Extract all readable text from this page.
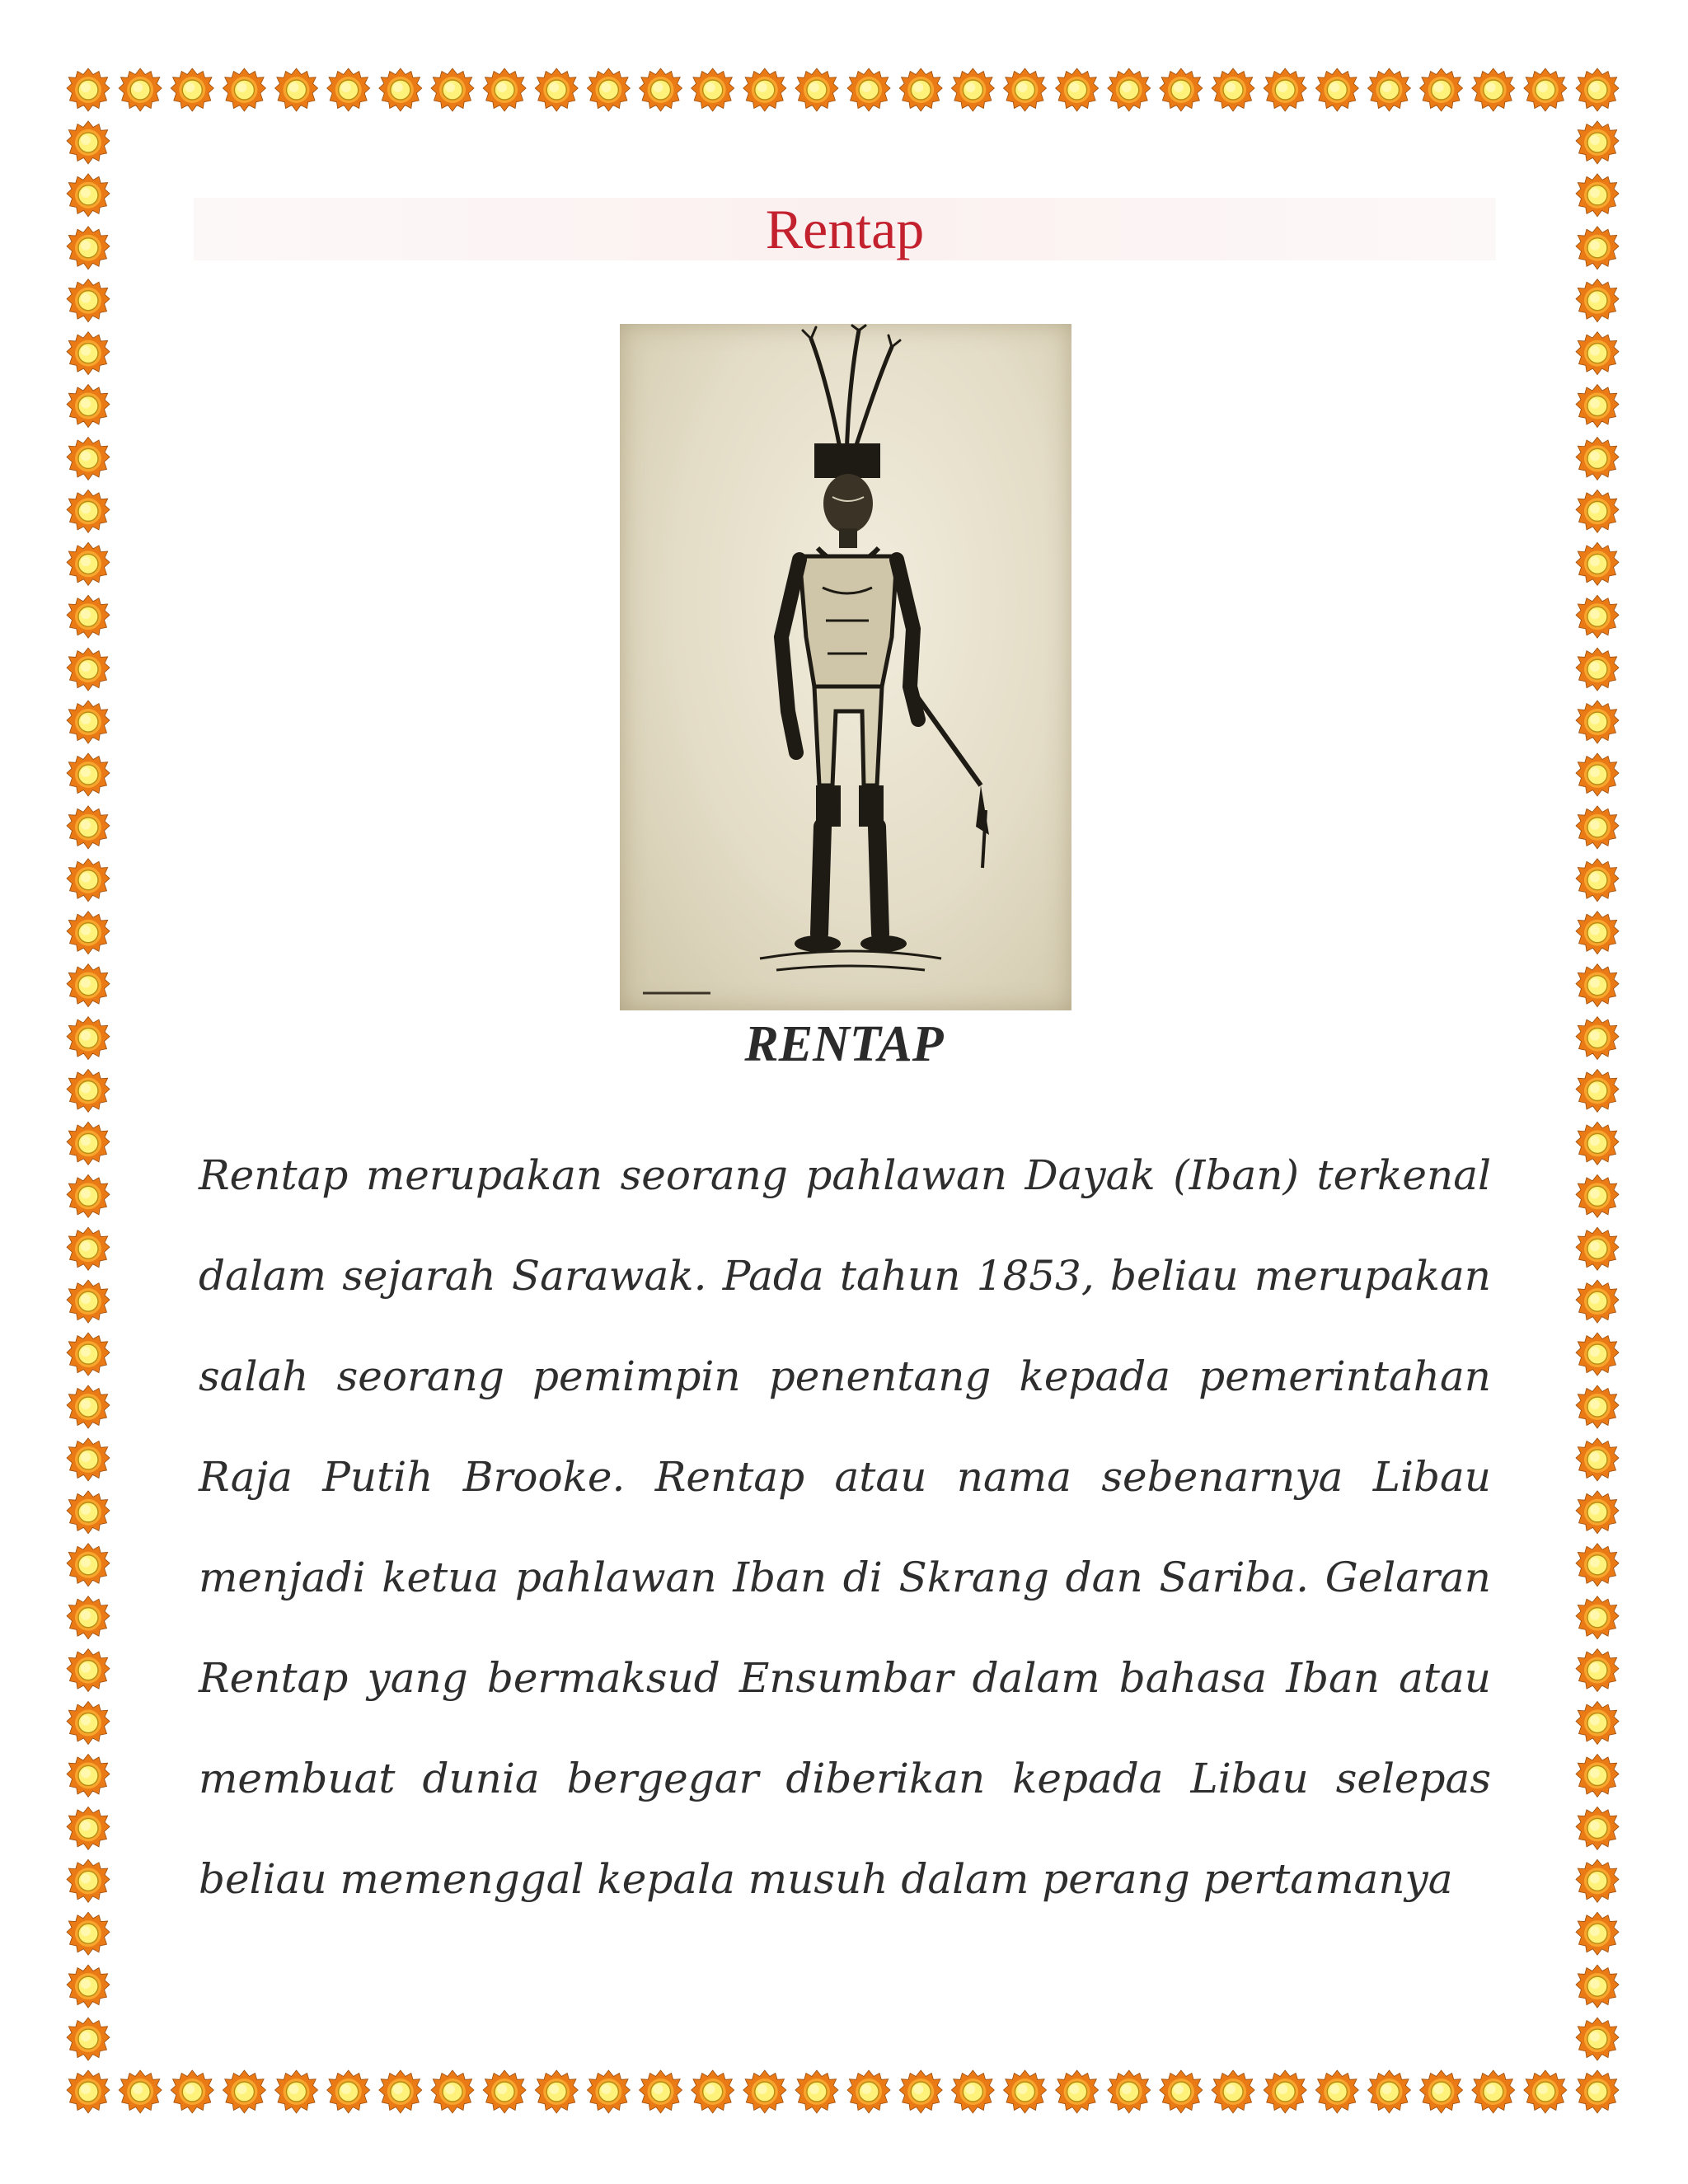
Rentap
RENTAP

Rentap merupakan seorang pahlawan Dayak (Iban) terkenal dalam sejarah Sarawak. Pada tahun 1853, beliau merupakan salah seorang pemimpin penentang kepada pemerintahan Raja Putih Brooke. Rentap atau nama sebenarnya Libau menjadi ketua pahlawan Iban di Skrang dan Sariba. Gelaran Rentap yang bermaksud Ensumbar dalam bahasa Iban atau membuat dunia bergegar diberikan kepada Libau selepas beliau memenggal kepala musuh dalam perang pertamanya
